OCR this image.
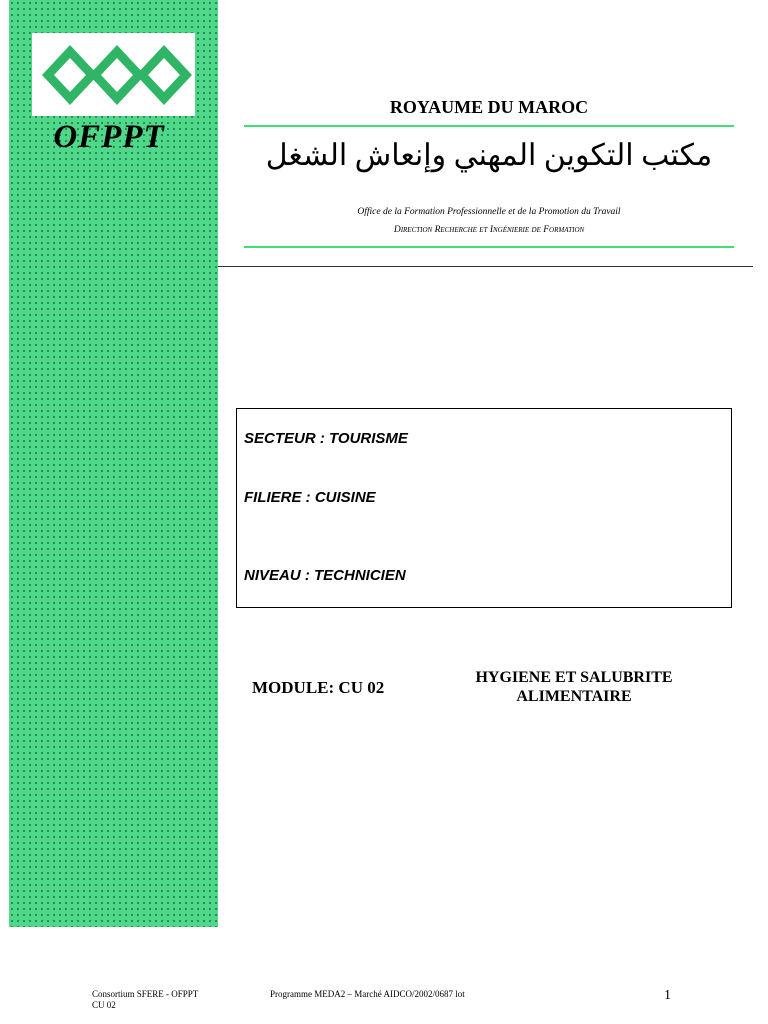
OFPPT
ROYAUME DU MAROC
مكتب التكوين المهني وإنعاش الشغل
Office de la Formation Professionnelle et de la Promotion du Travail
Direction Recherche et Ingénierie de Formation
SECTEUR : TOURISME
FILIERE : CUISINE
NIVEAU : TECHNICIEN
MODULE: CU 02
HYGIENE ET SALUBRITE
ALIMENTAIRE
Consortium SFERE - OFPPT
CU 02
Programme MEDA2 – Marché AIDCO/2002/0687 lot	1
